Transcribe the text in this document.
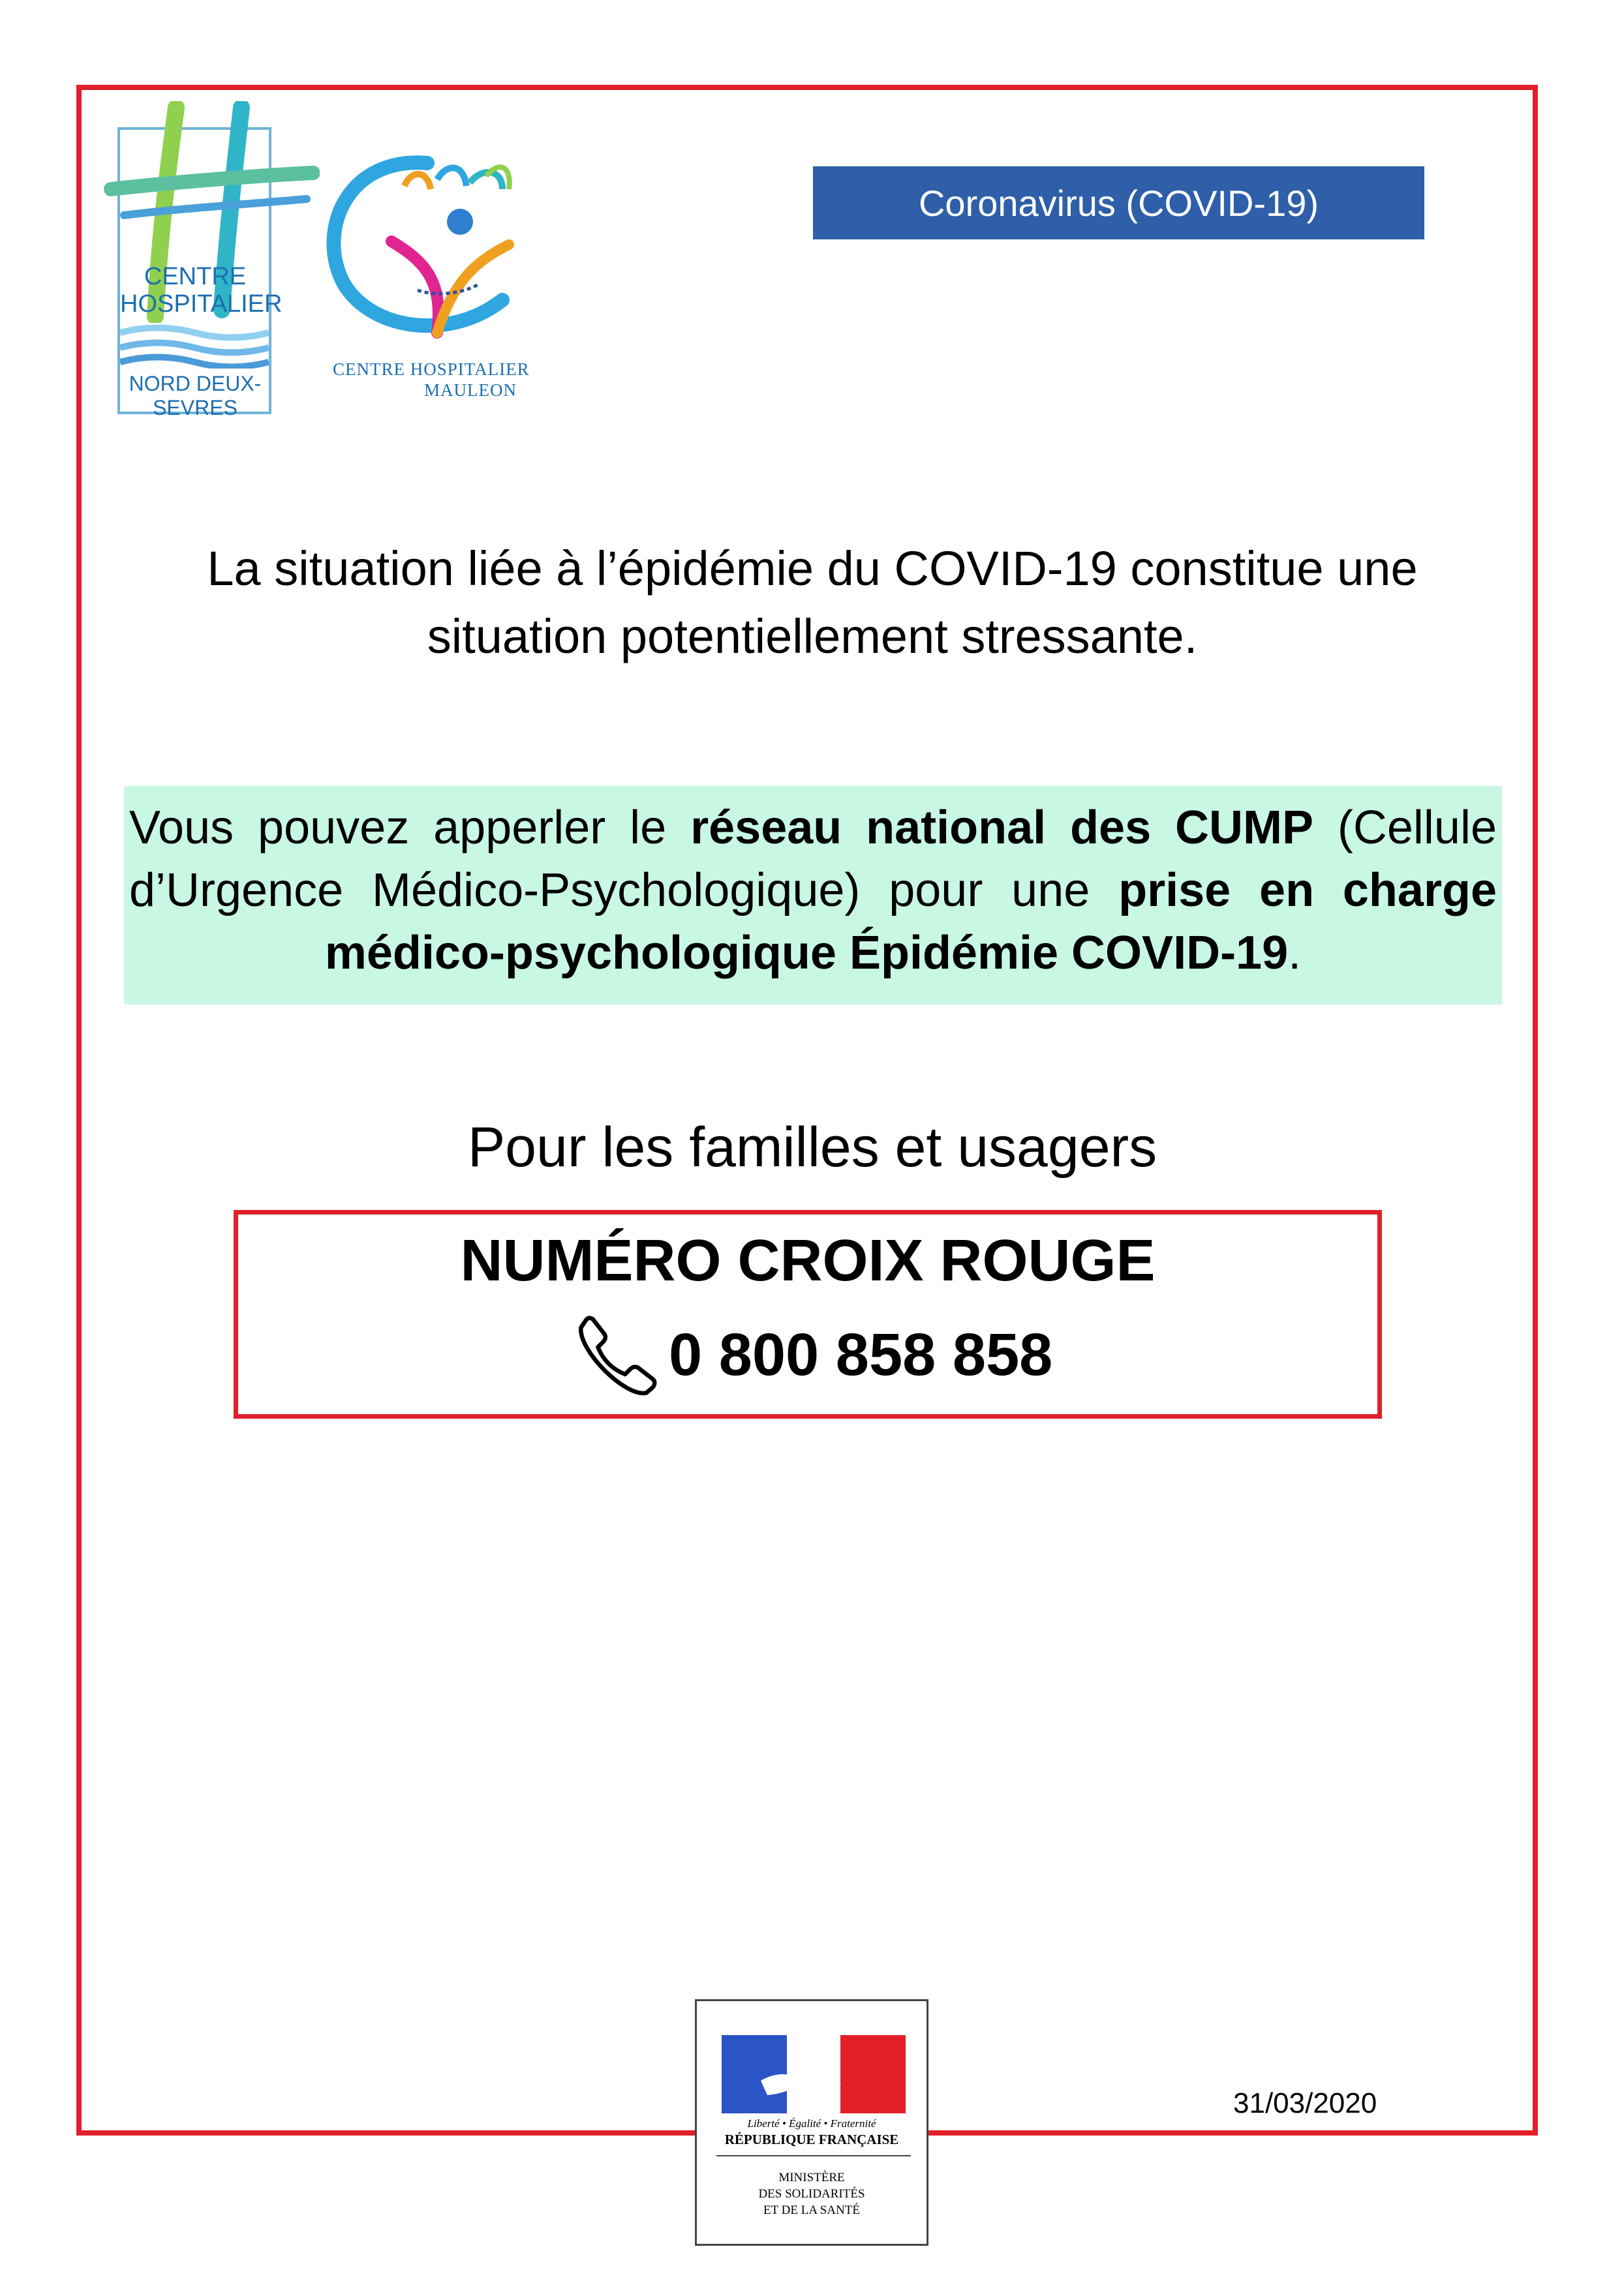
CENTRE
HOSPITALIER
NORD DEUX-SEVRES
CENTRE HOSPITALIER
MAULEON
Coronavirus (COVID-19)
La situation liée à l’épidémie du COVID-19 constitue une situation potentiellement stressante.
Vous pouvez apperler le réseau national des CUMP (Cellule d’Urgence Médico-Psychologique) pour une prise en charge médico-psychologique Épidémie COVID-19.
Pour les familles et usagers
NUMÉRO CROIX ROUGE
0 800 858 858
Liberté • Égalité • Fraternité
RÉPUBLIQUE FRANÇAISE
MINISTÈRE
DES SOLIDARITÉS
ET DE LA SANTÉ
31/03/2020
